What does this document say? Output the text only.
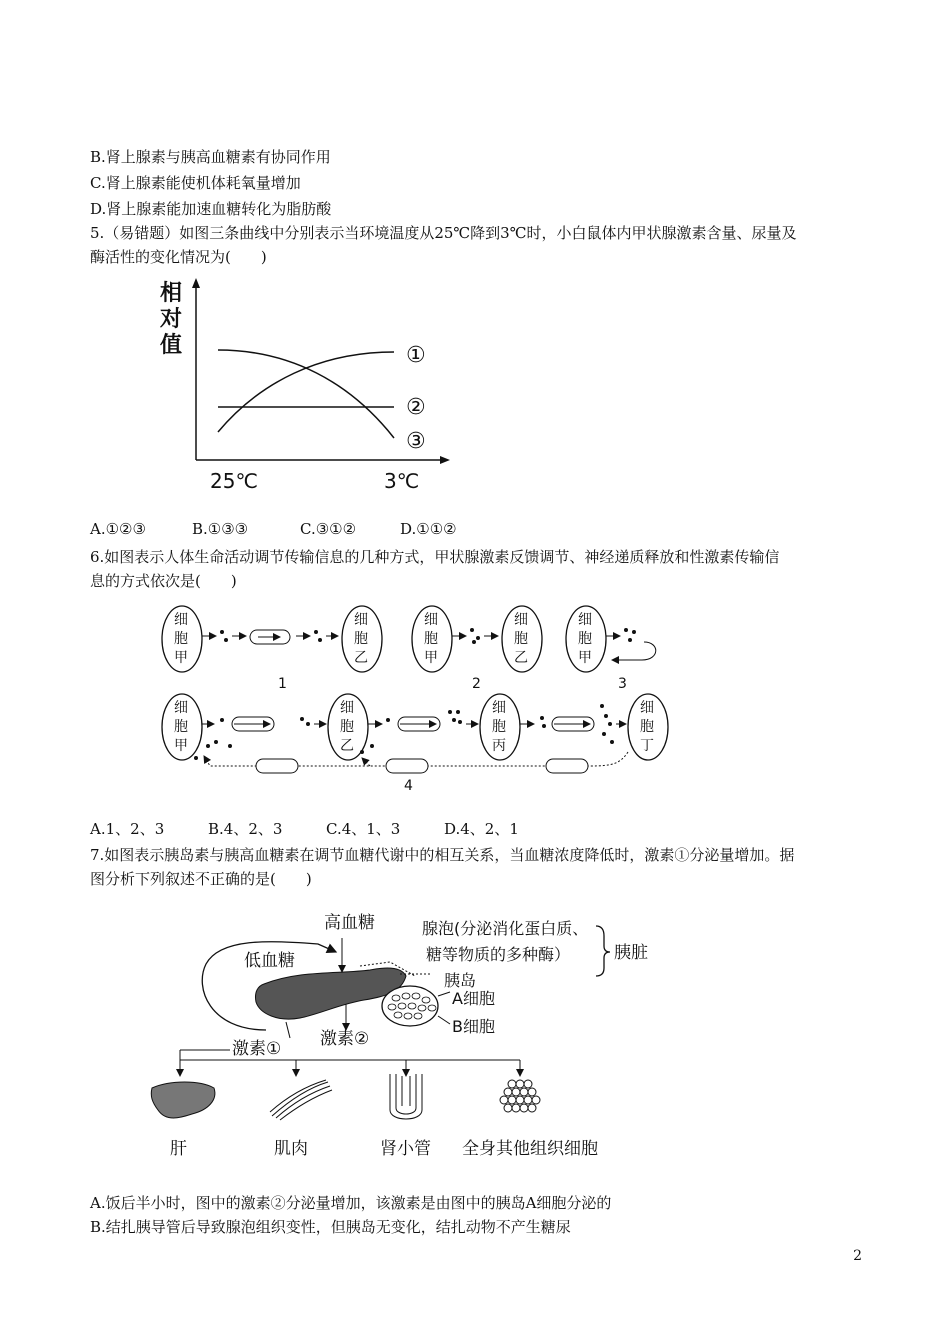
B.肾上腺素与胰高血糖素有协同作用
C.肾上腺素能使机体耗氧量增加
D.肾上腺素能加速血糖转化为脂肪酸
5.（易错题）如图三条曲线中分别表示当环境温度从25℃降到3℃时，小白鼠体内甲状腺激素含量、尿量及
酶活性的变化情况为(　　)
相
对
值	①
②
③
25℃	3℃
A.①②③	B.①③③	C.③①②	D.①①②
6.如图表示人体生命活动调节传输信息的几种方式，甲状腺激素反馈调节、神经递质释放和性激素传输信
息的方式依次是(　　)
细
胞
甲
细
胞
乙
1
细
胞
甲
细
胞
乙
2
细
胞
甲
3
细
胞
甲
细
胞
乙
细
胞
丙
细
胞
丁
4
A.1、2、3	B.4、2、3	C.4、1、3	D.4、2、1
7.如图表示胰岛素与胰高血糖素在调节血糖代谢中的相互关系，当血糖浓度降低时，激素①分泌量增加。据
图分析下列叙述不正确的是(　　)
高血糖
低血糖
腺泡(分泌消化蛋白质、
糖等物质的多种酶）	胰脏
胰岛
A细胞
B细胞
激素① 激素②
肝	肌肉	肾小管 全身其他组织细胞
A.饭后半小时，图中的激素②分泌量增加，该激素是由图中的胰岛A细胞分泌的
B.结扎胰导管后导致腺泡组织变性，但胰岛无变化，结扎动物不产生糖尿
2
